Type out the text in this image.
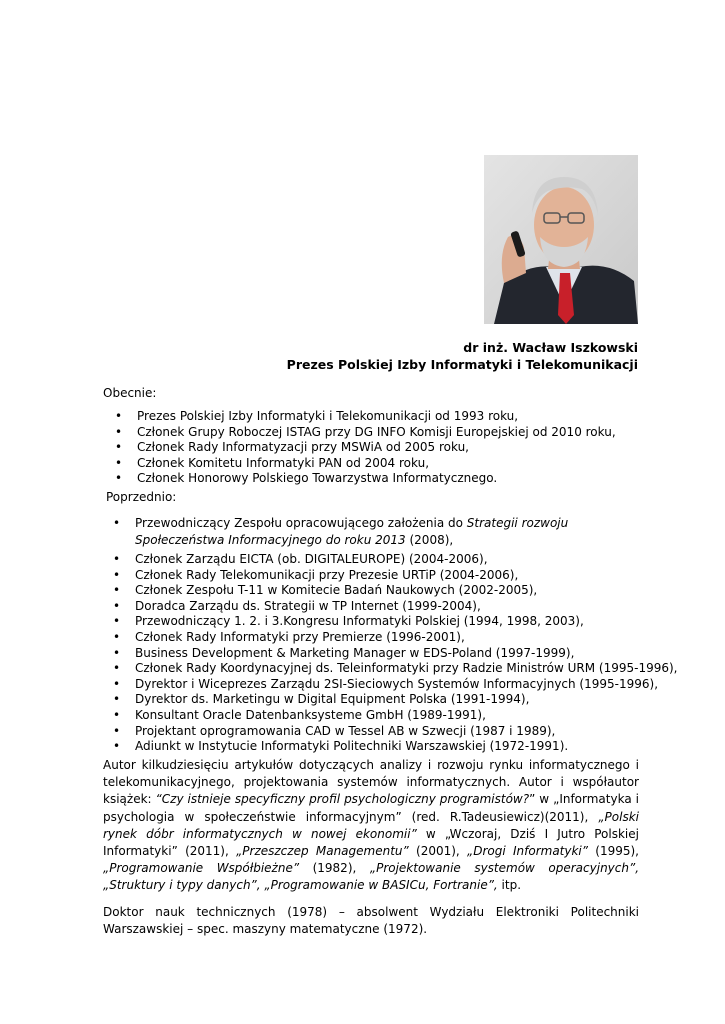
dr inż. Wacław Iszkowski
Prezes Polskiej Izby Informatyki i Telekomunikacji
Obecnie:
• Prezes Polskiej Izby Informatyki i Telekomunikacji od 1993 roku,
• Członek Grupy Roboczej ISTAG przy DG INFO Komisji Europejskiej od 2010 roku,
• Członek Rady Informatyzacji przy MSWiA od 2005 roku,
• Członek Komitetu Informatyki PAN od 2004 roku,
• Członek Honorowy Polskiego Towarzystwa Informatycznego.
Poprzednio:
• Przewodniczący Zespołu opracowującego założenia do Strategii rozwoju Społeczeństwa Informacyjnego do roku 2013 (2008),
• Członek Zarządu EICTA (ob. DIGITALEUROPE) (2004-2006),
• Członek Rady Telekomunikacji przy Prezesie URTiP (2004-2006),
• Członek Zespołu T-11 w Komitecie Badań Naukowych (2002-2005),
• Doradca Zarządu ds. Strategii w TP Internet (1999-2004),
• Przewodniczący 1. 2. i 3.Kongresu Informatyki Polskiej (1994, 1998, 2003),
• Członek Rady Informatyki przy Premierze (1996-2001),
• Business Development & Marketing Manager w EDS-Poland (1997-1999),
• Członek Rady Koordynacyjnej ds. Teleinformatyki przy Radzie Ministrów URM (1995-1996),
• Dyrektor i Wiceprezes Zarządu 2SI-Sieciowych Systemów Informacyjnych (1995-1996),
• Dyrektor ds. Marketingu w Digital Equipment Polska (1991-1994),
• Konsultant Oracle Datenbanksysteme GmbH (1989-1991),
• Projektant oprogramowania CAD w Tessel AB w Szwecji (1987 i 1989),
• Adiunkt w Instytucie Informatyki Politechniki Warszawskiej (1972-1991).
Autor kilkudziesięciu artykułów dotyczących analizy i rozwoju rynku informatycznego i telekomunikacyjnego, projektowania systemów informatycznych. Autor i współautor książek: “Czy istnieje specyficzny profil psychologiczny programistów?” w „Informatyka i psychologia w społeczeństwie informacyjnym” (red. R.Tadeusiewicz)(2011), „Polski rynek dóbr informatycznych w nowej ekonomii” w „Wczoraj, Dziś I Jutro Polskiej Informatyki” (2011), „Przeszczep Managementu” (2001), „Drogi Informatyki” (1995), „Programowanie Współbieżne” (1982), „Projektowanie systemów operacyjnych”, „Struktury i typy danych”, „Programowanie w BASICu, Fortranie”, itp.
Doktor nauk technicznych (1978) – absolwent Wydziału Elektroniki Politechniki Warszawskiej – spec. maszyny matematyczne (1972).
